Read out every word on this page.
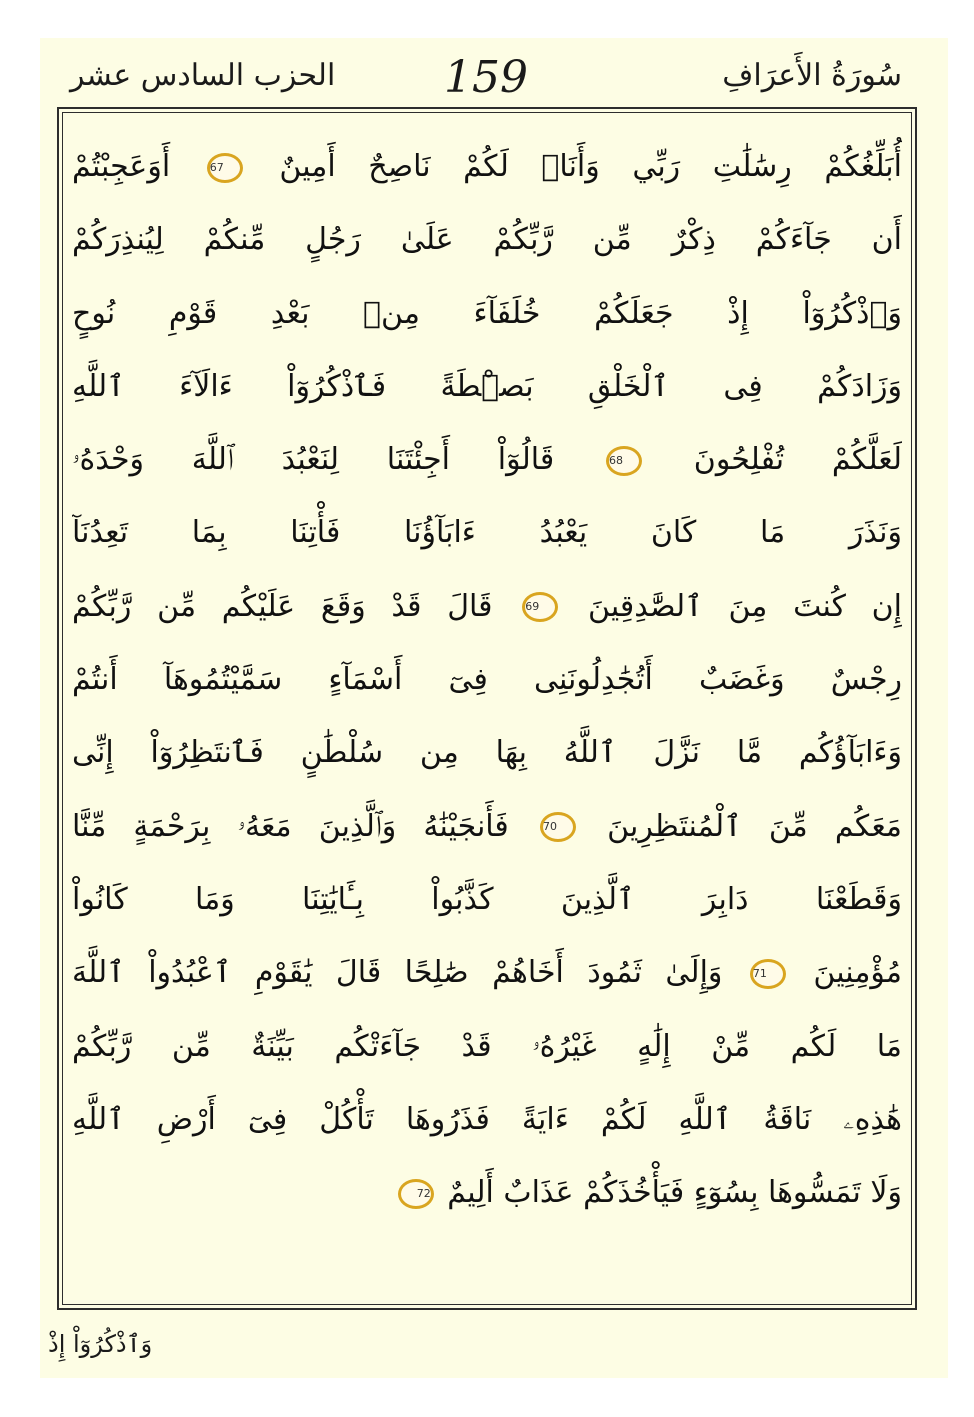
سُورَةُ الأَعرَافِ
159
الحزب السادس عشر
أُبَلِّغُكُمْ رِسَٰلَٰتِ رَبِّي وَأَنَا۠ لَكُمْ نَاصِحٌ أَمِينٌ 67 أَوَعَجِبْتُمْ
أَن جَآءَكُمْ ذِكْرٌ مِّن رَّبِّكُمْ عَلَىٰ رَجُلٍ مِّنكُمْ لِيُنذِرَكُمْ
وَٱذْكُرُوٓاْ إِذْ جَعَلَكُمْ خُلَفَآءَ مِنۢ بَعْدِ قَوْمِ نُوحٍ
وَزَادَكُمْ فِى ٱلْخَلْقِ بَصْۜطَةً فَٱذْكُرُوٓاْ ءَالَآءَ ٱللَّهِ
لَعَلَّكُمْ تُفْلِحُونَ 68 قَالُوٓاْ أَجِئْتَنَا لِنَعْبُدَ ٱللَّهَ وَحْدَهُۥ
وَنَذَرَ مَا كَانَ يَعْبُدُ ءَابَآؤُنَا فَأْتِنَا بِمَا تَعِدُنَآ
إِن كُنتَ مِنَ ٱلصَّٰدِقِينَ 69 قَالَ قَدْ وَقَعَ عَلَيْكُم مِّن رَّبِّكُمْ
رِجْسٌ وَغَضَبٌ أَتُجَٰدِلُونَنِى فِىٓ أَسْمَآءٍ سَمَّيْتُمُوهَآ أَنتُمْ
وَءَابَآؤُكُم مَّا نَزَّلَ ٱللَّهُ بِهَا مِن سُلْطَٰنٍ فَٱنتَظِرُوٓاْ إِنِّى
مَعَكُم مِّنَ ٱلْمُنتَظِرِينَ 70 فَأَنجَيْنَٰهُ وَٱلَّذِينَ مَعَهُۥ بِرَحْمَةٍ مِّنَّا
وَقَطَعْنَا دَابِرَ ٱلَّذِينَ كَذَّبُواْ بِـَٔايَٰتِنَا وَمَا كَانُواْ
مُؤْمِنِينَ 71 وَإِلَىٰ ثَمُودَ أَخَاهُمْ صَٰلِحًا قَالَ يَٰقَوْمِ ٱعْبُدُواْ ٱللَّهَ
مَا لَكُم مِّنْ إِلَٰهٍ غَيْرُهُۥ قَدْ جَآءَتْكُم بَيِّنَةٌ مِّن رَّبِّكُمْ
هَٰذِهِۦ نَاقَةُ ٱللَّهِ لَكُمْ ءَايَةً فَذَرُوهَا تَأْكُلْ فِىٓ أَرْضِ ٱللَّهِ
وَلَا تَمَسُّوهَا بِسُوٓءٍ فَيَأْخُذَكُمْ عَذَابٌ أَلِيمٌ 72
وَٱذْكُرُوٓاْ إِذْ
